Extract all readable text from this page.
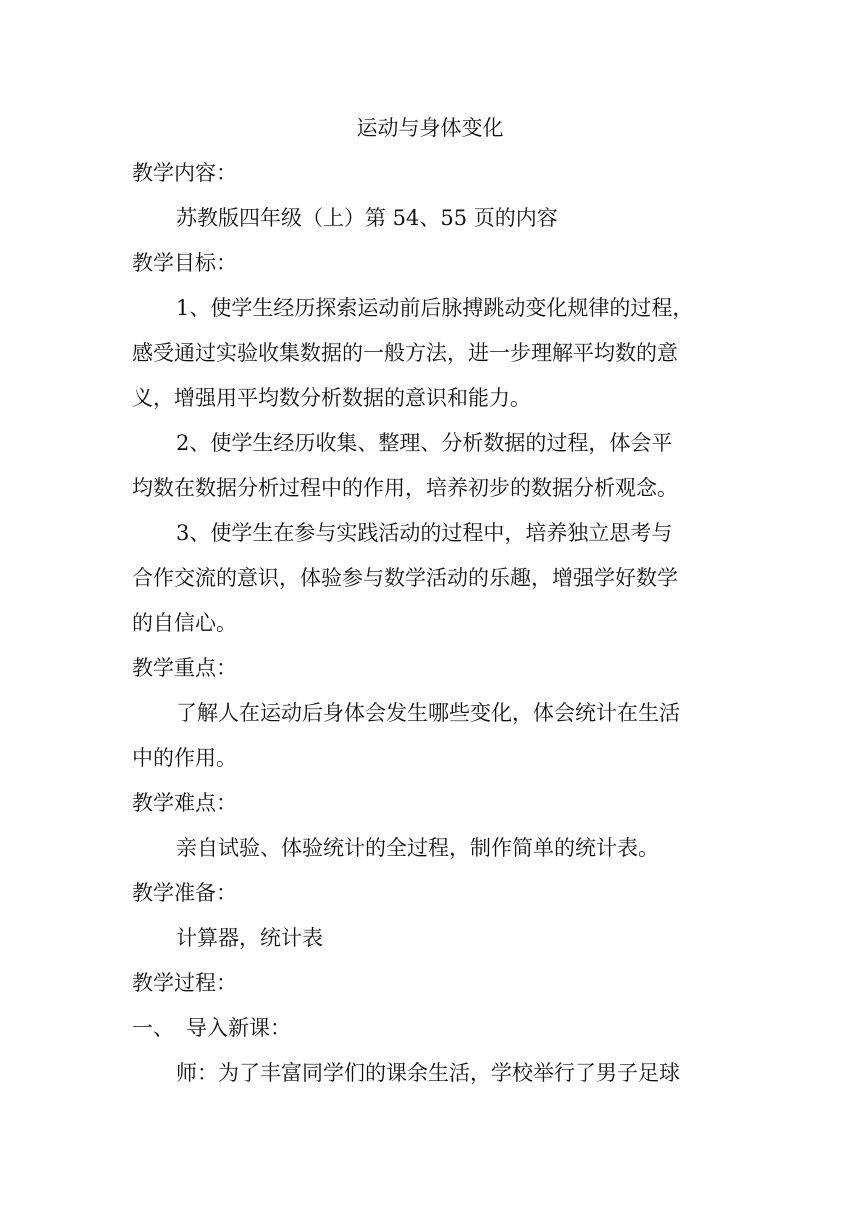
运动与身体变化
教学内容：
苏教版四年级（上）第 54、55 页的内容
教学目标：
1、使学生经历探索运动前后脉搏跳动变化规律的过程，
感受通过实验收集数据的一般方法，进一步理解平均数的意
义，增强用平均数分析数据的意识和能力。
2、使学生经历收集、整理、分析数据的过程，体会平
均数在数据分析过程中的作用，培养初步的数据分析观念。
3、使学生在参与实践活动的过程中，培养独立思考与
合作交流的意识，体验参与数学活动的乐趣，增强学好数学
的自信心。
教学重点：
了解人在运动后身体会发生哪些变化，体会统计在生活
中的作用。
教学难点：
亲自试验、体验统计的全过程，制作简单的统计表。
教学准备：
计算器，统计表
教学过程：
一、 导入新课：
师：为了丰富同学们的课余生活，学校举行了男子足球
